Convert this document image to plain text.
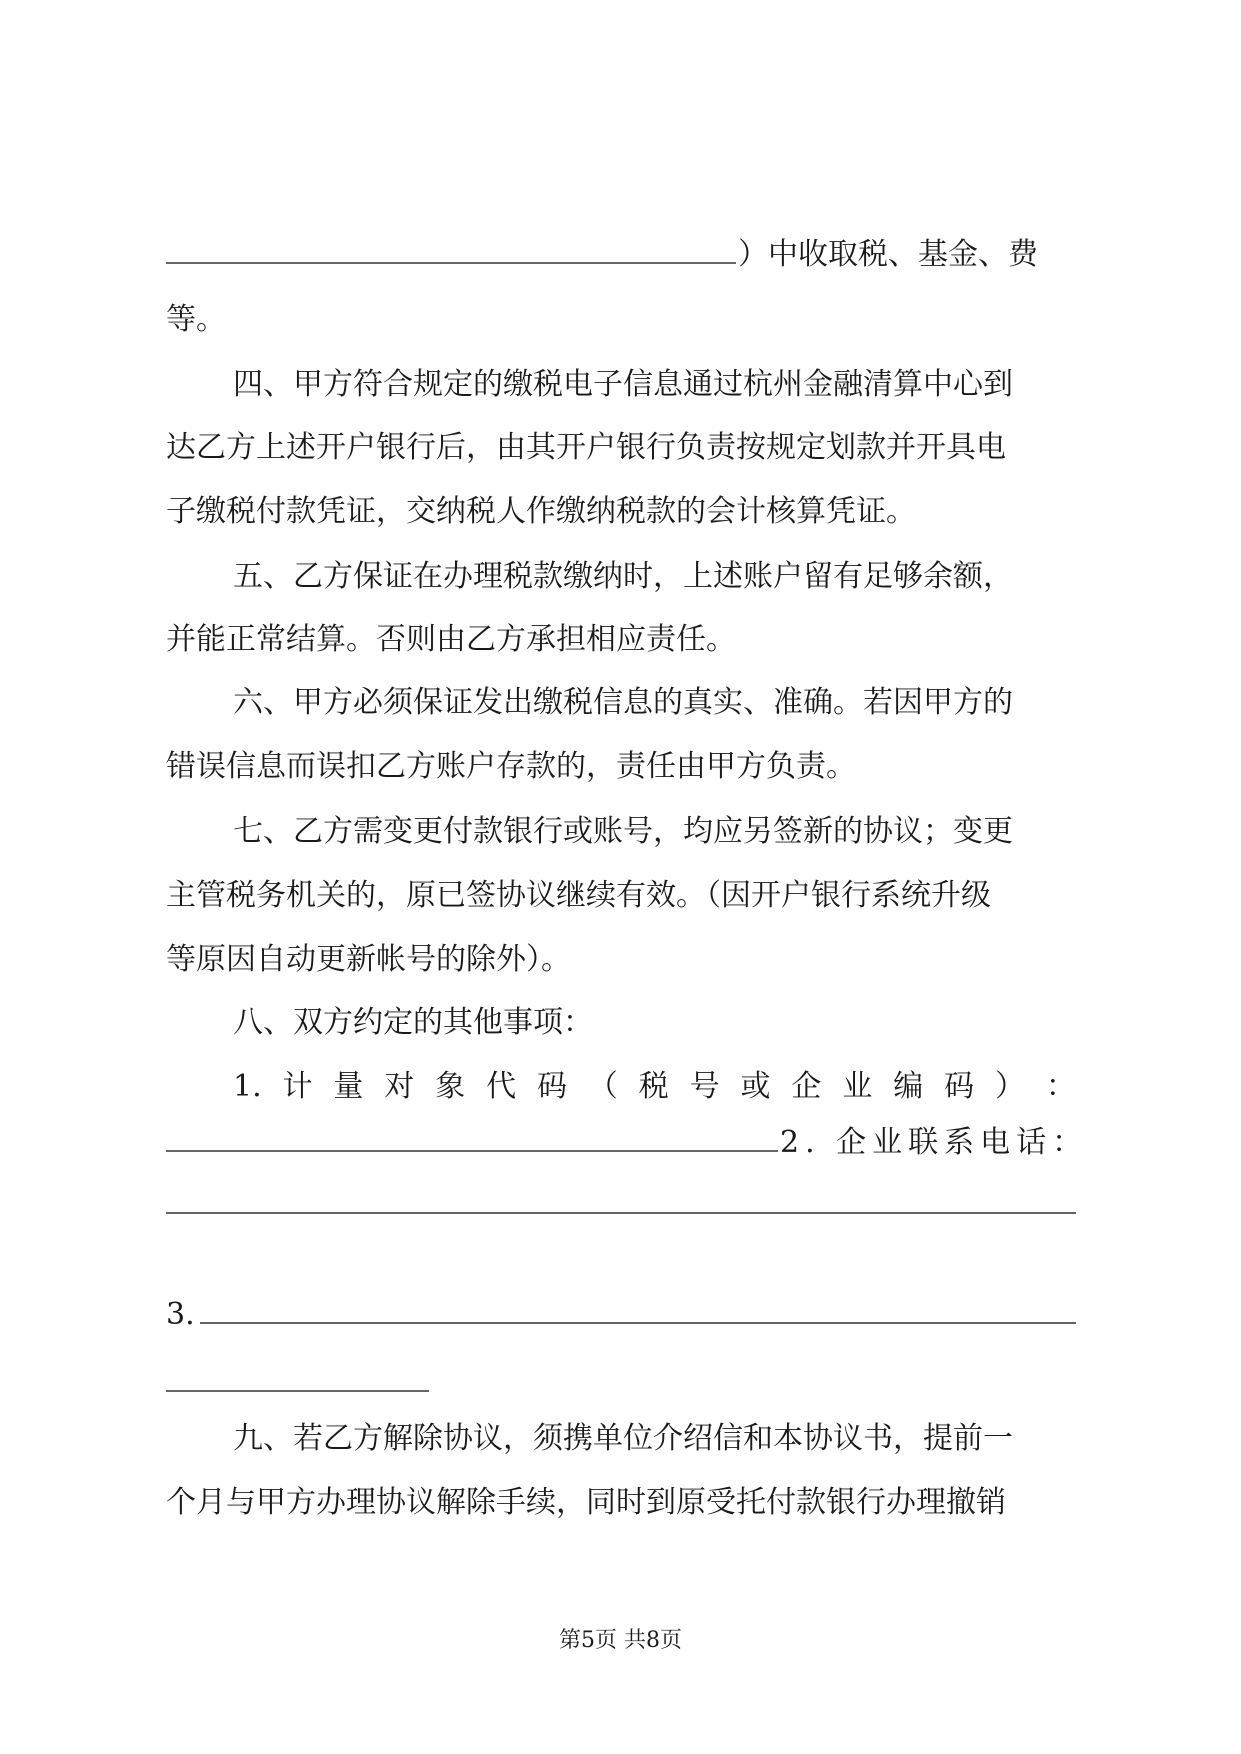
）中收取税、基金、费
等。
四、甲方符合规定的缴税电子信息通过杭州金融清算中心到
达乙方上述开户银行后，由其开户银行负责按规定划款并开具电
子缴税付款凭证，交纳税人作缴纳税款的会计核算凭证。
五、乙方保证在办理税款缴纳时，上述账户留有足够余额，
并能正常结算。否则由乙方承担相应责任。
六、甲方必须保证发出缴税信息的真实、准确。若因甲方的
错误信息而误扣乙方账户存款的，责任由甲方负责。
七、乙方需变更付款银行或账号，均应另签新的协议；变更
主管税务机关的，原已签协议继续有效。（因开户银行系统升级
等原因自动更新帐号的除外）。
八、双方约定的其他事项：
1. 计 量 对 象 代 码 （ 税 号 或 企 业 编 码 ） ：
2. 企业联系电话：
3.
九、若乙方解除协议，须携单位介绍信和本协议书，提前一
个月与甲方办理协议解除手续，同时到原受托付款银行办理撤销
第5页 共8页
